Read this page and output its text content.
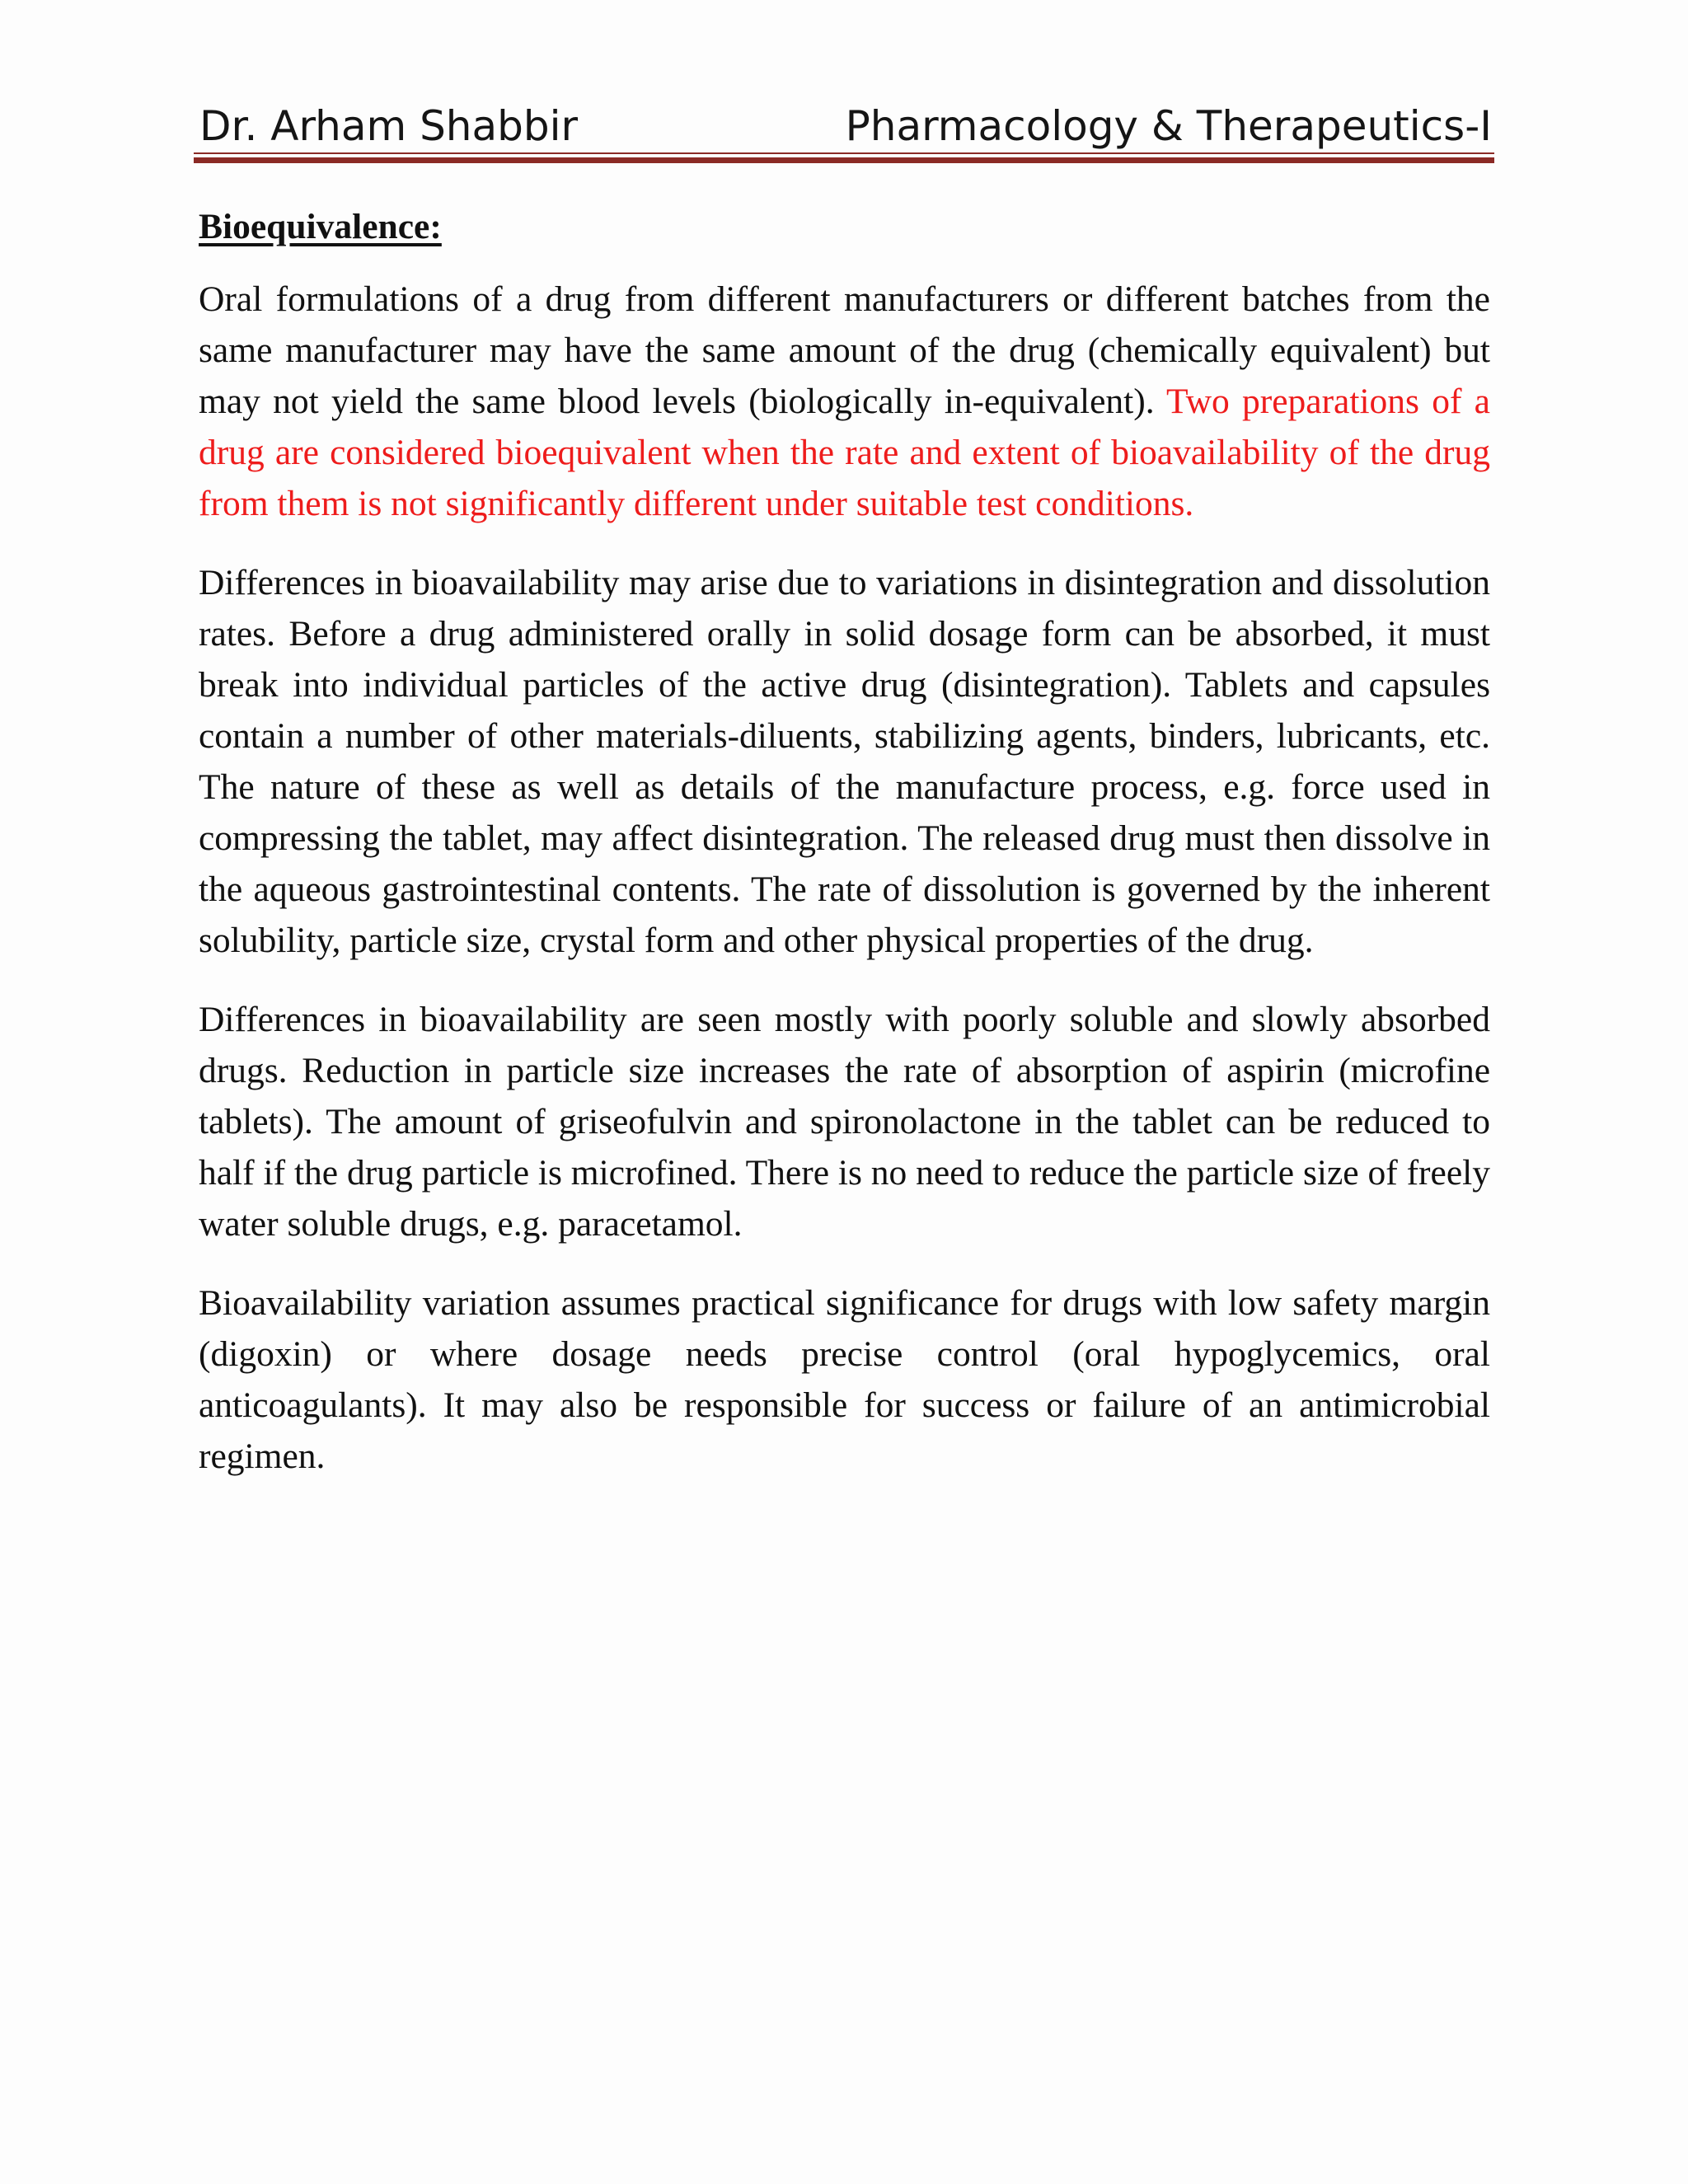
Dr. Arham Shabbir	Pharmacology & Therapeutics-I
Bioequivalence:

Oral formulations of a drug from different manufacturers or different batches from the same manufacturer may have the same amount of the drug (chemically equivalent) but may not yield the same blood levels (biologically in-equivalent). Two preparations of a drug are considered bioequivalent when the rate and extent of bioavailability of the drug from them is not significantly different under suitable test conditions.

Differences in bioavailability may arise due to variations in disintegration and dissolution rates. Before a drug administered orally in solid dosage form can be absorbed, it must break into individual particles of the active drug (disintegration). Tablets and capsules contain a number of other materials-diluents, stabilizing agents, binders, lubricants, etc. The nature of these as well as details of the manufacture process, e.g. force used in compressing the tablet, may affect disintegration. The released drug must then dissolve in the aqueous gastrointestinal contents. The rate of dissolution is governed by the inherent solubility, particle size, crystal form and other physical properties of the drug.

Differences in bioavailability are seen mostly with poorly soluble and slowly absorbed drugs. Reduction in particle size increases the rate of absorption of aspirin (microfine tablets). The amount of griseofulvin and spironolactone in the tablet can be reduced to half if the drug particle is microfined. There is no need to reduce the particle size of freely water soluble drugs, e.g. paracetamol.

Bioavailability variation assumes practical significance for drugs with low safety margin (digoxin) or where dosage needs precise control (oral hypoglycemics, oral anticoagulants). It may also be responsible for success or failure of an antimicrobial regimen.
